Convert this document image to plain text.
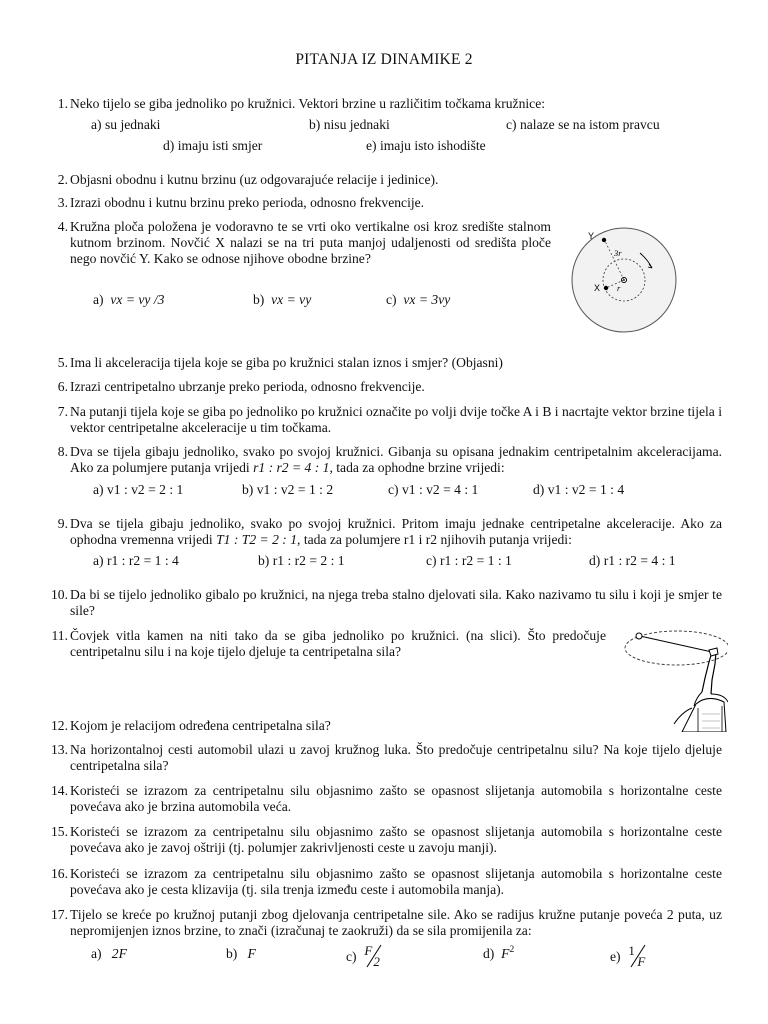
PITANJA IZ DINAMIKE 2
1. Neko tijelo se giba jednoliko po kružnici. Vektori brzine u različitim točkama kružnice:
a) su jednaki	b) nisu jednaki	c) nalaze se na istom pravcu
d) imaju isti smjer	e) imaju isto ishodište
2. Objasni obodnu i kutnu brzinu (uz odgovarajuće relacije i jedinice).
3. Izrazi obodnu i kutnu brzinu preko perioda, odnosno frekvencije.
4. Kružna ploča položena je vodoravno te se vrti oko vertikalne osi kroz središte stalnom kutnom brzinom. Novčić X nalazi se na tri puta manjoj udaljenosti od središta ploče nego novčić Y. Kako se odnose njihove obodne brzine?
a) vx = vy /3	b) vx = vy	c) vx = 3vy
Y
X
3r
r
5. Ima li akceleracija tijela koje se giba po kružnici stalan iznos i smjer? (Objasni)
6. Izrazi centripetalno ubrzanje preko perioda, odnosno frekvencije.
7. Na putanji tijela koje se giba po jednoliko po kružnici označite po volji dvije točke A i B i nacrtajte vektor brzine tijela i vektor centripetalne akceleracije u tim točkama.
8. Dva se tijela gibaju jednoliko, svako po svojoj kružnici. Gibanja su opisana jednakim centripetalnim akceleracijama. Ako za polumjere putanja vrijedi r1 : r2 = 4 : 1, tada za ophodne brzine vrijedi:
a) v1 : v2 = 2 : 1	b) v1 : v2 = 1 : 2	c) v1 : v2 = 4 : 1	d) v1 : v2 = 1 : 4
9. Dva se tijela gibaju jednoliko, svako po svojoj kružnici. Pritom imaju jednake centripetalne akceleracije. Ako za ophodna vremenna vrijedi T1 : T2 = 2 : 1, tada za polumjere r1 i r2 njihovih putanja vrijedi:
a) r1 : r2 = 1 : 4	b) r1 : r2 = 2 : 1	c) r1 : r2 = 1 : 1	d) r1 : r2 = 4 : 1
10. Da bi se tijelo jednoliko gibalo po kružnici, na njega treba stalno djelovati sila. Kako nazivamo tu silu i koji je smjer te sile?
11. Čovjek vitla kamen na niti tako da se giba jednoliko po kružnici. (na slici). Što predočuje centripetalnu silu i na koje tijelo djeluje ta centripetalna sila?
12. Kojom je relacijom određena centripetalna sila?
13. Na horizontalnoj cesti automobil ulazi u zavoj kružnog luka. Što predočuje centripetalnu silu? Na koje tijelo djeluje centripetalna sila?
14. Koristeći se izrazom za centripetalnu silu objasnimo zašto se opasnost slijetanja automobila s horizontalne ceste povećava ako je brzina automobila veća.
15. Koristeći se izrazom za centripetalnu silu objasnimo zašto se opasnost slijetanja automobila s horizontalne ceste povećava ako je zavoj oštriji (tj. polumjer zakrivljenosti ceste u zavoju manji).
16. Koristeći se izrazom za centripetalnu silu objasnimo zašto se opasnost slijetanja automobila s horizontalne ceste povećava ako je cesta klizavija (tj. sila trenja između ceste i automobila manja).
17. Tijelo se kreće po kružnoj putanji zbog djelovanja centripetalne sile. Ako se radijus kružne putanje poveća 2 puta, uz nepromijenjen iznos brzine, to znači (izračunaj te zaokruži) da se sila promijenila za:
a) 2F	b) F	c) F
2
d) $F^2$	e) 1
F
